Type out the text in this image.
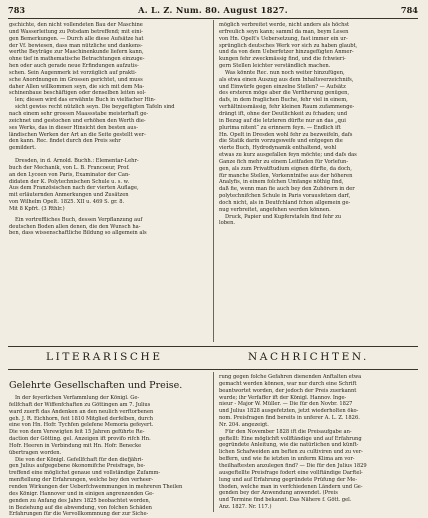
783	A. L. Z. Num. 80. August 1827.	784

gschichte, den nicht vollendeten Bau der Maschine

und Wasserleitung zu Potsdam betreffend; mit eini-

gen Bemerkungen. — Durch alle diese Aufsätze hat

der Vf. bewiesen, dass man nützliche und dankens-

werthe Beyträge zur Maschinenkunde liefern kann,

ohne tief in mathematische Betrachtungen einzuge-

hen oder auch gerade neue Erfindungen aufzutis-

schen. Sein Augenmerk ist vorzüglich auf prakti-

sche Anordnungen im Grossen gerichtet, und muss

daher Allen willkommen seyn, die sich mit dem Ma-

schinenbaue beschäftigen oder denselben leiten sol-

len; diesen wird das erwähnte Buch in vielfacher Hin-

sicht gewiss recht nützlich seyn. Die beygefügten Tafeln sind

nach einem sehr grossen Maassstabe meisterhaft ge-

zeichnet und gestochen und erhöhen den Werth die-

ses Werks, das in dieser Hinsicht den besten aus-

ländischen Werken der Art an die Seite gestellt wer-

den kann. Rec. findet durch den Preis sehr

gemildert.

Dresden, in d. Arnold. Buchh.: Elementar-Lehr-

buch der Mechanik, von L. B. Francoeur, Prof.

an den Lyceen von Paris, Examinator der Can-

didaten der K. Polytechnischen Schule u. s. w.

Aus dem Französischen nach der vierten Auflage,

mit erläuternden Anmerkungen und Zusätzen

von Wilhelm Opelt. 1825. XII u. 469 S. gr. 8.

Mit 8 Kpfrt. (3 Rthlr.)

Ein vortreffliches Buch, dessen Verpflanzung auf

deutschen Boden allen denen, die den Wunsch ha-

ben, dass wissenschaftliche Bildung so allgemein als

möglich verbreitet werde, nicht anders als höchst

erfreulich seyn kann; samml da man, beym Lesen

von Hn. Opelt's Uebersetzung, fast immer ein ur-

sprünglich deutsches Werk vor sich zu haben glaubt,

und da von dem Ueberfetzer hinzugefügten Anmer-

kungen fehr zweckmässig find, und die fchwieri-

gern Stellen leichter verständlich machen.

Was könnte Rec. nun noch weiter hinzufügen,

als etwa einen Auszug aus dem Inhaltsverzeichnifs,

und Einwürfe gegen einzelne Stellen? — Aufsätz

des ersteren möge aber die Verfiherung genügen,

dafs, in dem fraglichen Buche, fehr viel in einem,

verhältnissmässig, fehr kleinen Raum zufammenge-

drängt ift, ohne der Deutlichkeit zu fchaden; und

in Bezug auf die letzteren dürfte nur an das „qui

plurima nitent“ zu erinnern feyn. — Endlich ift

Hn. Opelt in Dresden wohl fehr zu bezweifeln, dafs

die Statik darin vorzugsweife und entgegen die

vierte Buch, Hydrodynamik enthaltend, wohl

etwas zu kurz ausgefallen feyn möchte; und dafs das

Ganze fich mehr zu einem Leitfaden für Vorlefun-

gen, als zum Privatftudium eignen dürfte, da doch,

für manche Stellen, Vorkenntnifse aus der höheren

Analyfis, in einem folchen Umfange nöthig find,

daß fie, wenn man fie auch bey den Zuhörern in der

polytechnifchen Schule in Paris vorausfetzen darf,

doch nicht, als in Deutfchland fchon allgemein ge-

nug verbreitet, angefehen werden können.

Druck, Papier und Kupferstafeln find fehr zu

loben.

LITERARISCHE	NACHRICHTEN.
Gelehrte Gesellschaften und Preise.

In der feyerlichen Verfammlung der Königl. Ge-

fellfchaft der Wiffenfchaften zu Göttingen am 7. Julius

ward zuerft das Andenken an den neulich verftorbenen

geh. J. R. Eichhorn, feit 1810 Mitglied derfelben, durch

eine von Hn. Hofr. Tychfen gelefene Memoria gefeyert.

Die von dem Verewigten feit 15 Jahren geführte Re-

daction der Götting. gel. Anzeigen ift provifo rifch Hn.

Hofr. Heeren in Verbindung mit Hn. Hofr. Benecke

übertragen worden.

Die von der Königl. Gefellfchaft für den diefjähri-

gen Julius aufgegebene ökonomifche Preisfrage, be-

treffend eine möglichst genaue und vollständige Zufamm-

menftellung der Erfahrungen, welche bey den verheer-

renden Wirkungen der Ueberfchwemmungen in mehreren Theilen

des Königr. Hannover und in einigen angrenzenden Ge-

genden zu Anfang des Jahrs 1825 beobachtet worden,

in Beziehung auf die abwendung, von folchen Schäden

Erfahrungen für die Vervollkommnung der zur Siche-

rung gegen folche Gefahren dienenden Anftalten etwa

gemacht werden können, war nur durch eine Schrift

beantwortet worden, der jedoch der Preis zuerkannt

wurde; ihr Verfaffer ift der Königl. Hannov. Inge-

nieur - Major W. Müller. — Die für den Novbr. 1827

und Julius 1828 ausgefetzten, jetzt wiederholten öko-

nom. Preisfragen find bereits in unferer A. L. Z. 1826.

Nr. 204. angezeigt.

Für den November 1828 ift die Preisaufgabe an-

geftellt: Eine möglichft vollftändige und auf Erfahrung

gegründete Anleitung, wie die natürlichen und künft-

lichen Schafweiden am beften zu cultiviren und zu ver-

beffern, und wie fie ietzten in unferm Klima am vor-

theilhaftesten anzulegen find? — Die für den Julius 1829

ausgeftellte Preisfrage fodert eine vollftändige Darftel-

lung und auf Erfahrung gegründete Prüfung der Me-

thoden, welche man in verfchiedenen Ländern und Ge-

genden bey der Anwendung anwendet. (Preis

und Termine find bekannt. Das Nähere f. Gött. gel.

Anz. 1827. Nr. 117.)
